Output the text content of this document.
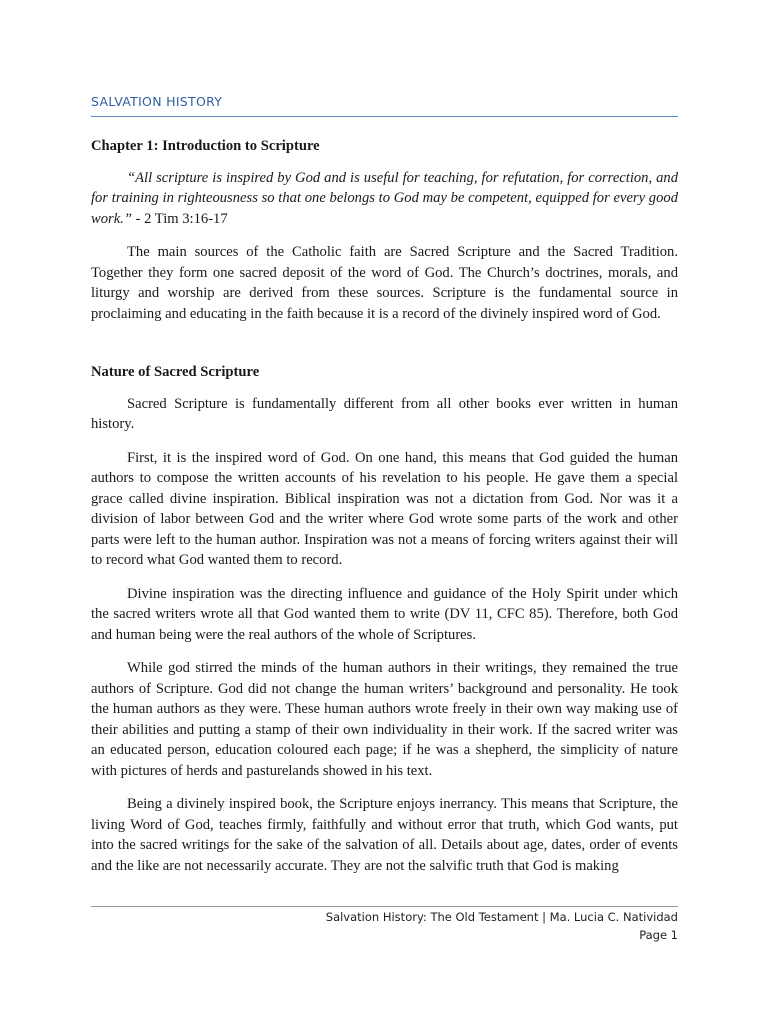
SALVATION HISTORY
Chapter 1: Introduction to Scripture

“All scripture is inspired by God and is useful for teaching, for refutation, for correction, and for training in righteousness so that one belongs to God may be competent, equipped for every good work.” - 2 Tim 3:16-17

The main sources of the Catholic faith are Sacred Scripture and the Sacred Tradition. Together they form one sacred deposit of the word of God. The Church’s doctrines, morals, and liturgy and worship are derived from these sources. Scripture is the fundamental source in proclaiming and educating in the faith because it is a record of the divinely inspired word of God.

Nature of Sacred Scripture

Sacred Scripture is fundamentally different from all other books ever written in human history.

First, it is the inspired word of God. On one hand, this means that God guided the human authors to compose the written accounts of his revelation to his people. He gave them a special grace called divine inspiration. Biblical inspiration was not a dictation from God. Nor was it a division of labor between God and the writer where God wrote some parts of the work and other parts were left to the human author. Inspiration was not a means of forcing writers against their will to record what God wanted them to record.

Divine inspiration was the directing influence and guidance of the Holy Spirit under which the sacred writers wrote all that God wanted them to write (DV 11, CFC 85). Therefore, both God and human being were the real authors of the whole of Scriptures.

While god stirred the minds of the human authors in their writings, they remained the true authors of Scripture. God did not change the human writers’ background and personality. He took the human authors as they were. These human authors wrote freely in their own way making use of their abilities and putting a stamp of their own individuality in their work. If the sacred writer was an educated person, education coloured each page; if he was a shepherd, the simplicity of nature with pictures of herds and pasturelands showed in his text.

Being a divinely inspired book, the Scripture enjoys inerrancy. This means that Scripture, the living Word of God, teaches firmly, faithfully and without error that truth, which God wants, put into the sacred writings for the sake of the salvation of all. Details about age, dates, order of events and the like are not necessarily accurate. They are not the salvific truth that God is making

Salvation History: The Old Testament | Ma. Lucia C. Natividad
Page 1
